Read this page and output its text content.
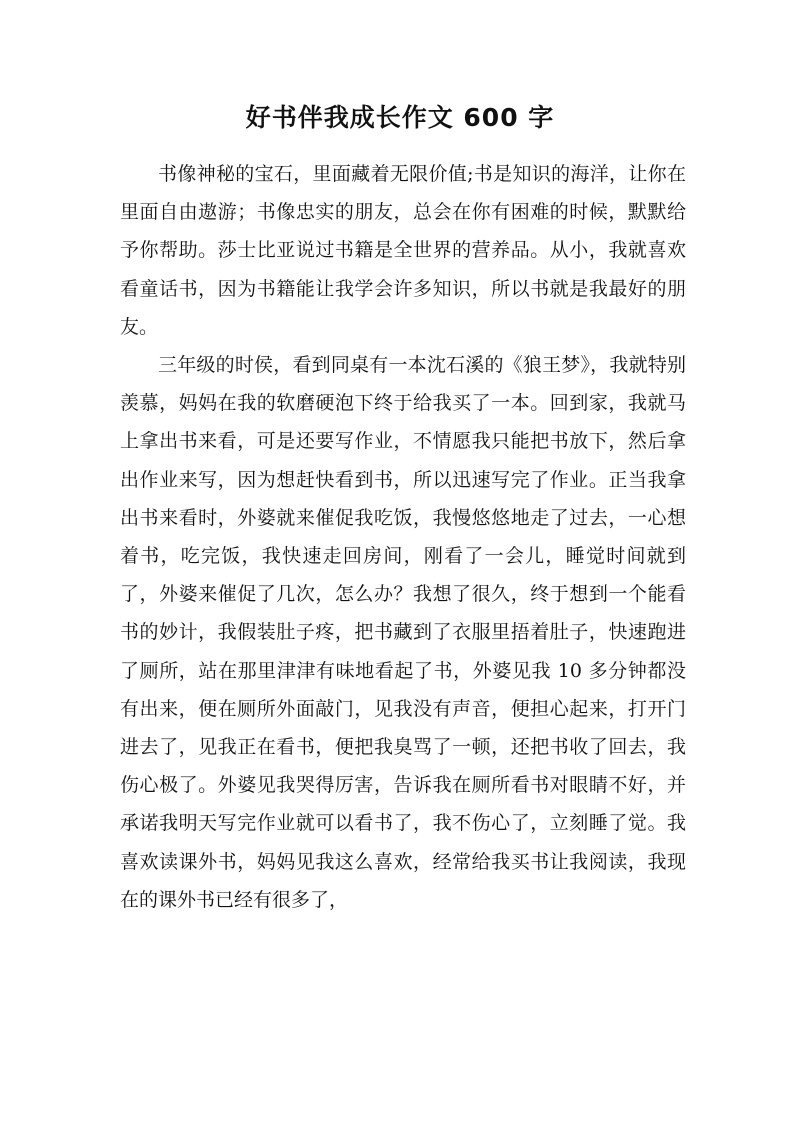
好书伴我成长作文 600 字

书像神秘的宝石，里面藏着无限价值;书是知识的海洋，让你在里面自由遨游；书像忠实的朋友，总会在你有困难的时候，默默给予你帮助。莎士比亚说过书籍是全世界的营养品。从小，我就喜欢看童话书，因为书籍能让我学会许多知识，所以书就是我最好的朋友。

三年级的时侯，看到同桌有一本沈石溪的《狼王梦》，我就特别羡慕，妈妈在我的软磨硬泡下终于给我买了一本。回到家，我就马上拿出书来看，可是还要写作业，不情愿我只能把书放下，然后拿出作业来写，因为想赶快看到书，所以迅速写完了作业。正当我拿出书来看时，外婆就来催促我吃饭，我慢悠悠地走了过去，一心想着书，吃完饭，我快速走回房间，刚看了一会儿，睡觉时间就到了，外婆来催促了几次，怎么办？我想了很久，终于想到一个能看书的妙计，我假装肚子疼，把书藏到了衣服里捂着肚子，快速跑进了厕所，站在那里津津有味地看起了书，外婆见我 10 多分钟都没有出来，便在厕所外面敲门，见我没有声音，便担心起来，打开门进去了，见我正在看书，便把我臭骂了一顿，还把书收了回去，我伤心极了。外婆见我哭得厉害，告诉我在厕所看书对眼睛不好，并承诺我明天写完作业就可以看书了，我不伤心了，立刻睡了觉。我喜欢读课外书，妈妈见我这么喜欢，经常给我买书让我阅读，我现在的课外书已经有很多了，
